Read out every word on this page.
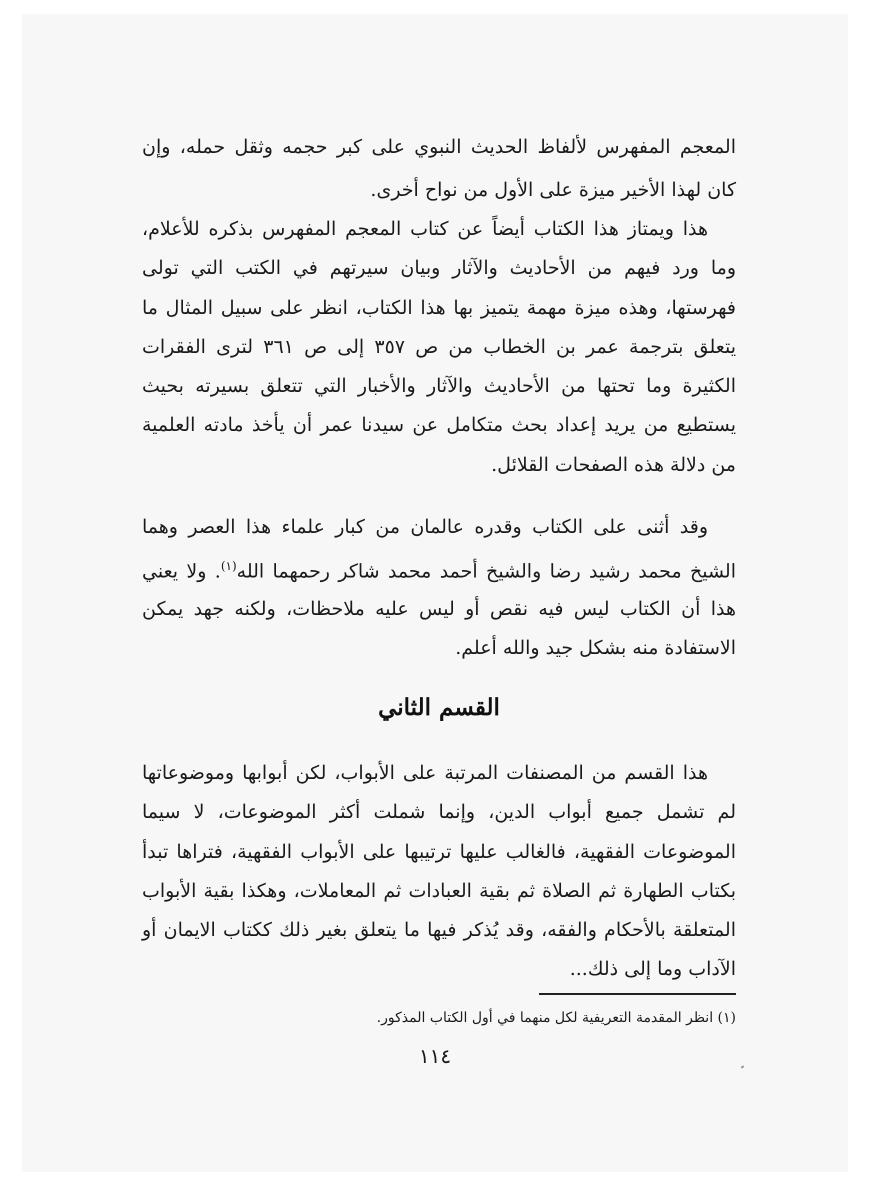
المعجم المفهرس لألفاظ الحديث النبوي على كبر حجمه وثقل حمله، وإن كان لهذا الأخير ميزة على الأول من نواح أخرى.

هذا ويمتاز هذا الكتاب أيضاً عن كتاب المعجم المفهرس بذكره للأعلام، وما ورد فيهم من الأحاديث والآثار وبيان سيرتهم في الكتب التي تولى فهرستها، وهذه ميزة مهمة يتميز بها هذا الكتاب، انظر على سبيل المثال ما يتعلق بترجمة عمر بن الخطاب من ص ٣٥٧ إلى ص ٣٦١ لترى الفقرات الكثيرة وما تحتها من الأحاديث والآثار والأخبار التي تتعلق بسيرته بحيث يستطيع من يريد إعداد بحث متكامل عن سيدنا عمر أن يأخذ مادته العلمية من دلالة هذه الصفحات القلائل.

وقد أثنى على الكتاب وقدره عالمان من كبار علماء هذا العصر وهما الشيخ محمد رشيد رضا والشيخ أحمد محمد شاكر رحمهما الله$^{(١)}$. ولا يعني هذا أن الكتاب ليس فيه نقص أو ليس عليه ملاحظات، ولكنه جهد يمكن الاستفادة منه بشكل جيد والله أعلم.

القسم الثاني

هذا القسم من المصنفات المرتبة على الأبواب، لكن أبوابها وموضوعاتها لم تشمل جميع أبواب الدين، وإنما شملت أكثر الموضوعات، لا سيما الموضوعات الفقهية، فالغالب عليها ترتيبها على الأبواب الفقهية، فتراها تبدأ بكتاب الطهارة ثم الصلاة ثم بقية العبادات ثم المعاملات، وهكذا بقية الأبواب المتعلقة بالأحكام والفقه، وقد يُذكر فيها ما يتعلق بغير ذلك ككتاب الايمان أو الآداب وما إلى ذلك...

(١) انظر المقدمة التعريفية لكل منهما في أول الكتاب المذكور.
١١٤
